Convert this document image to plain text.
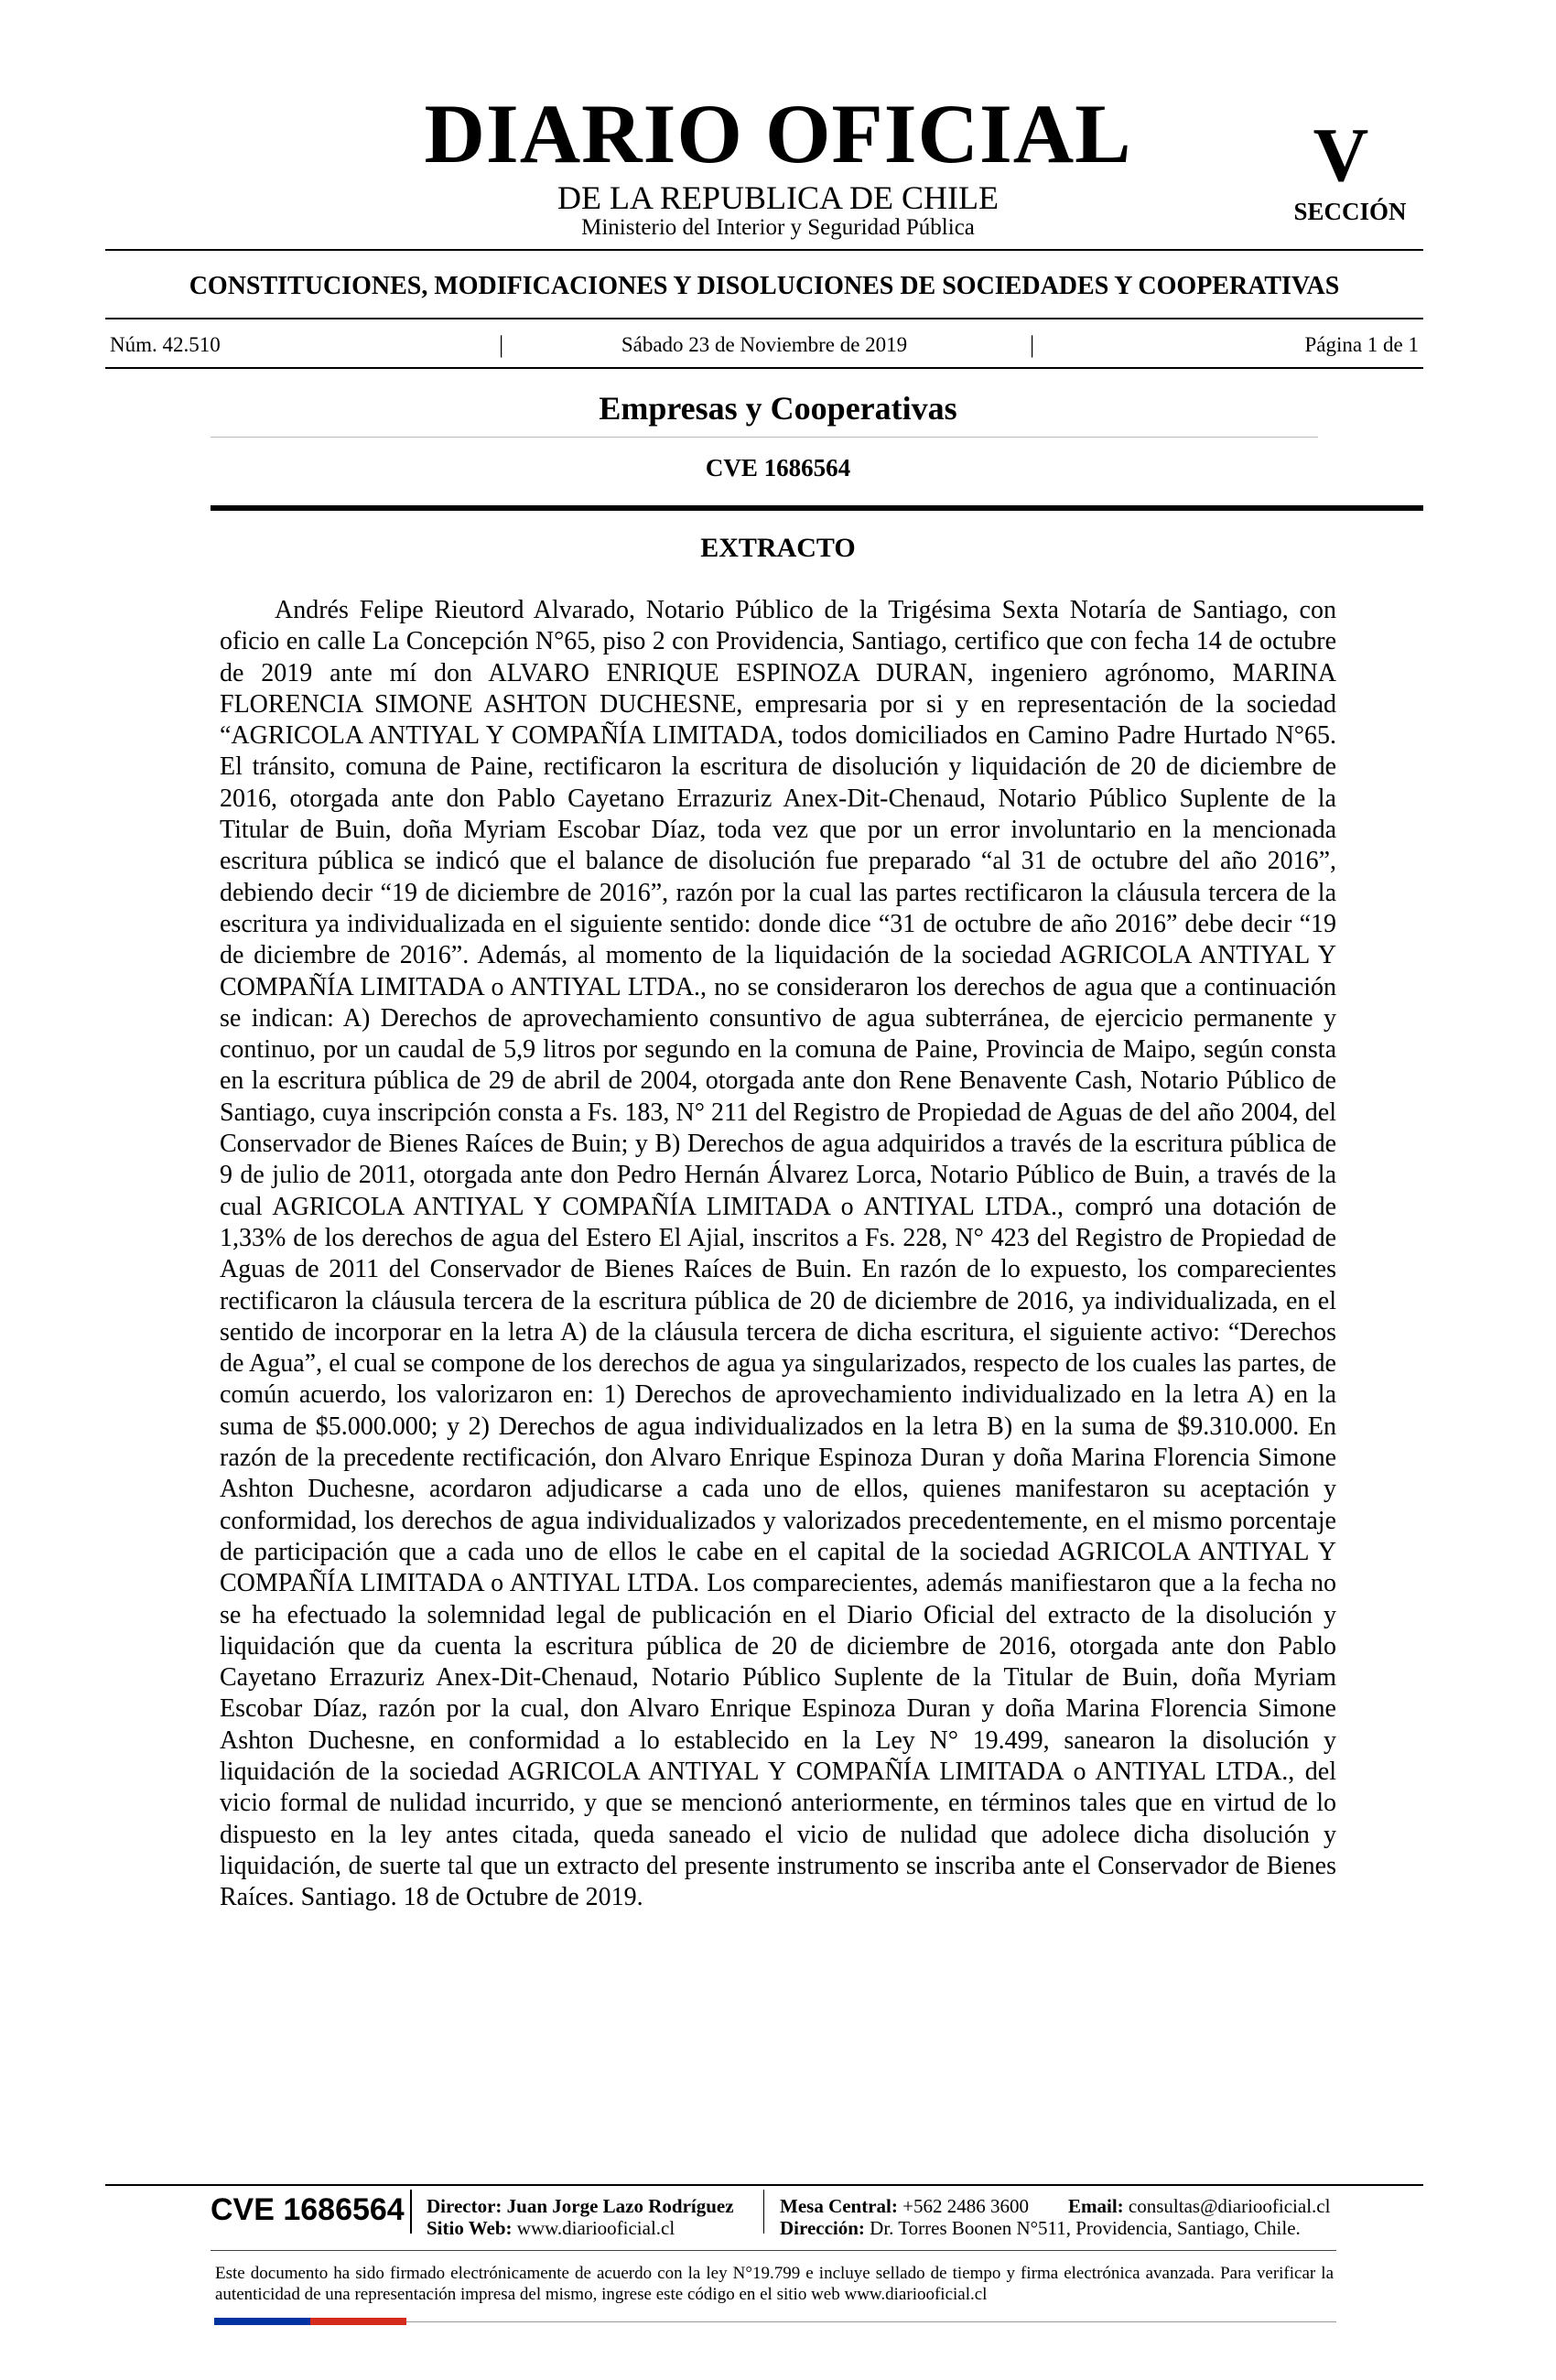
DIARIO OFICIAL
DE LA REPUBLICA DE CHILE
Ministerio del Interior y Seguridad Pública
V
SECCIÓN
CONSTITUCIONES, MODIFICACIONES Y DISOLUCIONES DE SOCIEDADES Y COOPERATIVAS
Núm. 42.510	Sábado 23 de Noviembre de 2019
|	|	Página 1 de 1
Empresas y Cooperativas
CVE 1686564
EXTRACTO
Andrés Felipe Rieutord Alvarado, Notario Público de la Trigésima Sexta Notaría de Santiago, con oficio en calle La Concepción N°65, piso 2 con Providencia, Santiago, certifico que con fecha 14 de octubre de 2019 ante mí don ALVARO ENRIQUE ESPINOZA DURAN, ingeniero agrónomo, MARINA FLORENCIA SIMONE ASHTON DUCHESNE, empresaria por si y en representación de la sociedad “AGRICOLA ANTIYAL Y COMPAÑÍA LIMITADA, todos domiciliados en Camino Padre Hurtado N°65. El tránsito, comuna de Paine, rectificaron la escritura de disolución y liquidación de 20 de diciembre de 2016, otorgada ante don Pablo Cayetano Errazuriz Anex-Dit-Chenaud, Notario Público Suplente de la Titular de Buin, doña Myriam Escobar Díaz, toda vez que por un error involuntario en la mencionada escritura pública se indicó que el balance de disolución fue preparado “al 31 de octubre del año 2016”, debiendo decir “19 de diciembre de 2016”, razón por la cual las partes rectificaron la cláusula tercera de la escritura ya individualizada en el siguiente sentido: donde dice “31 de octubre de año 2016” debe decir “19 de diciembre de 2016”. Además, al momento de la liquidación de la sociedad AGRICOLA ANTIYAL Y COMPAÑÍA LIMITADA o ANTIYAL LTDA., no se consideraron los derechos de agua que a continuación se indican: A) Derechos de aprovechamiento consuntivo de agua subterránea, de ejercicio permanente y continuo, por un caudal de 5,9 litros por segundo en la comuna de Paine, Provincia de Maipo, según consta en la escritura pública de 29 de abril de 2004, otorgada ante don Rene Benavente Cash, Notario Público de Santiago, cuya inscripción consta a Fs. 183, N° 211 del Registro de Propiedad de Aguas de del año 2004, del Conservador de Bienes Raíces de Buin; y B) Derechos de agua adquiridos a través de la escritura pública de 9 de julio de 2011, otorgada ante don Pedro Hernán Álvarez Lorca, Notario Público de Buin, a través de la cual AGRICOLA ANTIYAL Y COMPAÑÍA LIMITADA o ANTIYAL LTDA., compró una dotación de 1,33% de los derechos de agua del Estero El Ajial, inscritos a Fs. 228, N° 423 del Registro de Propiedad de Aguas de 2011 del Conservador de Bienes Raíces de Buin. En razón de lo expuesto, los comparecientes rectificaron la cláusula tercera de la escritura pública de 20 de diciembre de 2016, ya individualizada, en el sentido de incorporar en la letra A) de la cláusula tercera de dicha escritura, el siguiente activo: “Derechos de Agua”, el cual se compone de los derechos de agua ya singularizados, respecto de los cuales las partes, de común acuerdo, los valorizaron en: 1) Derechos de aprovechamiento individualizado en la letra A) en la suma de $5.000.000; y 2) Derechos de agua individualizados en la letra B) en la suma de $9.310.000. En razón de la precedente rectificación, don Alvaro Enrique Espinoza Duran y doña Marina Florencia Simone Ashton Duchesne, acordaron adjudicarse a cada uno de ellos, quienes manifestaron su aceptación y conformidad, los derechos de agua individualizados y valorizados precedentemente, en el mismo porcentaje de participación que a cada uno de ellos le cabe en el capital de la sociedad AGRICOLA ANTIYAL Y COMPAÑÍA LIMITADA o ANTIYAL LTDA. Los comparecientes, además manifiestaron que a la fecha no se ha efectuado la solemnidad legal de publicación en el Diario Oficial del extracto de la disolución y liquidación que da cuenta la escritura pública de 20 de diciembre de 2016, otorgada ante don Pablo Cayetano Errazuriz Anex-Dit-Chenaud, Notario Público Suplente de la Titular de Buin, doña Myriam Escobar Díaz, razón por la cual, don Alvaro Enrique Espinoza Duran y doña Marina Florencia Simone Ashton Duchesne, en conformidad a lo establecido en la Ley N° 19.499, sanearon la disolución y liquidación de la sociedad AGRICOLA ANTIYAL Y COMPAÑÍA LIMITADA o ANTIYAL LTDA., del vicio formal de nulidad incurrido, y que se mencionó anteriormente, en términos tales que en virtud de lo dispuesto en la ley antes citada, queda saneado el vicio de nulidad que adolece dicha disolución y liquidación, de suerte tal que un extracto del presente instrumento se inscriba ante el Conservador de Bienes Raíces. Santiago. 18 de Octubre de 2019.
CVE 1686564 Director: Juan Jorge Lazo Rodríguez
Sitio Web: www.diariooficial.cl
Mesa Central: +562 2486 3600
Dirección: Dr. Torres Boonen N°511, Providencia, Santiago, Chile.
Email: consultas@diariooficial.cl
Este documento ha sido firmado electrónicamente de acuerdo con la ley N°19.799 e incluye sellado de tiempo y firma electrónica avanzada. Para verificar la autenticidad de una representación impresa del mismo, ingrese este código en el sitio web www.diariooficial.cl
